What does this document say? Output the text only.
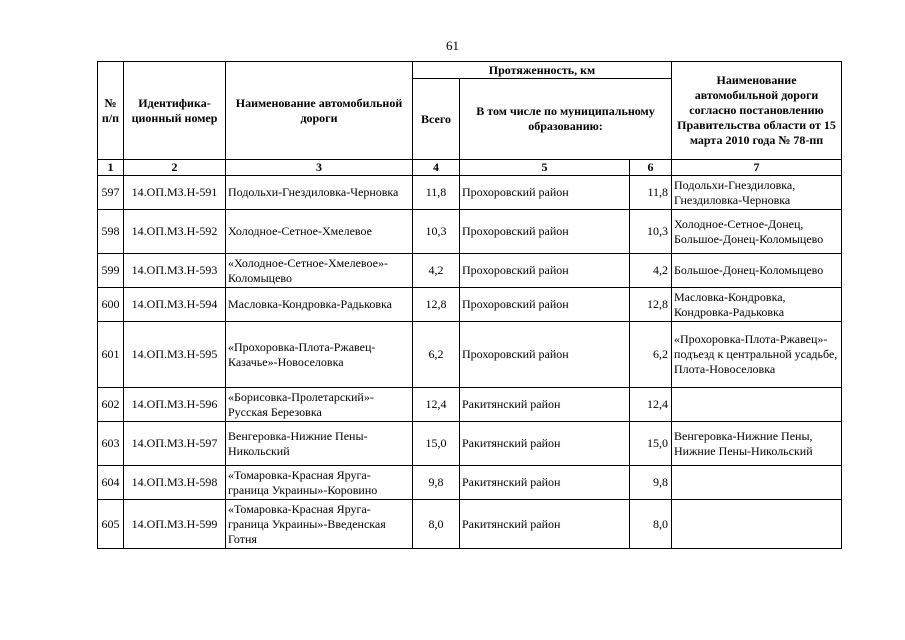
61
№ п/п	Идентифика- ционный номер	Наименование автомобильной дороги	Протяженность, км			Наименование автомобильной дороги согласно постановлению Правительства области от 15 марта 2010 года № 78-пп
			Всего	В том числе по муниципальному образованию:		
1	2	3	4	5	6	7
597	14.ОП.МЗ.Н-591	Подольхи-Гнездиловка-Черновка	11,8	Прохоровский район	11,8	Подольхи-Гнездиловка, Гнездиловка-Черновка
598	14.ОП.МЗ.Н-592	Холодное-Сетное-Хмелевое	10,3	Прохоровский район	10,3	Холодное-Сетное-Донец, Большое-Донец-Коломыцево
599	14.ОП.МЗ.Н-593	«Холодное-Сетное-Хмелевое»-Коломыцево	4,2	Прохоровский район	4,2	Большое-Донец-Коломыцево
600	14.ОП.МЗ.Н-594	Масловка-Кондровка-Радьковка	12,8	Прохоровский район	12,8	Масловка-Кондровка, Кондровка-Радьковка
601	14.ОП.МЗ.Н-595	«Прохоровка-Плота-Ржавец-Казачье»-Новоселовка	6,2	Прохоровский район	6,2	«Прохоровка-Плота-Ржавец»-подъезд к центральной усадьбе, Плота-Новоселовка
602	14.ОП.МЗ.Н-596	«Борисовка-Пролетарский»-Русская Березовка	12,4	Ракитянский район	12,4	
603	14.ОП.МЗ.Н-597	Венгеровка-Нижние Пены-Никольский	15,0	Ракитянский район	15,0	Венгеровка-Нижние Пены, Нижние Пены-Никольский
604	14.ОП.МЗ.Н-598	«Томаровка-Красная Яруга-граница Украины»-Коровино	9,8	Ракитянский район	9,8	
605	14.ОП.МЗ.Н-599	«Томаровка-Красная Яруга-граница Украины»-Введенская Готня	8,0	Ракитянский район	8,0	
